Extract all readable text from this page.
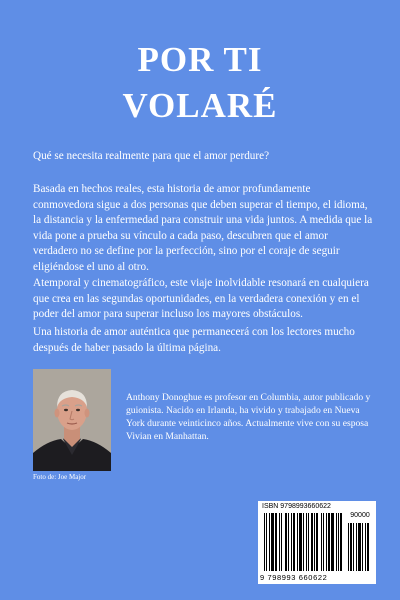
POR TI
VOLARÉ

Qué se necesita realmente para que el amor perdure?

Basada en hechos reales, esta historia de amor profundamente conmovedora sigue a dos personas que deben superar el tiempo, el idioma, la distancia y la enfermedad para construir una vida juntos. A medida que la vida pone a prueba su vínculo a cada paso, descubren que el amor verdadero no se define por la perfección, sino por el coraje de seguir eligiéndose el uno al otro.

Atemporal y cinematográfico, este viaje inolvidable resonará en cualquiera que crea en las segundas oportunidades, en la verdadera conexión y en el poder del amor para superar incluso los mayores obstáculos.

Una historia de amor auténtica que permanecerá con los lectores mucho después de haber pasado la última página.

Foto de: Joe Major

Anthony Donoghue es profesor en Columbia, autor publicado y guionista. Nacido en Irlanda, ha vivido y trabajado en Nueva York durante veinticinco años. Actualmente vive con su esposa Vivian en Manhattan.

ISBN 9798993660622
90000
9 798993 660622
